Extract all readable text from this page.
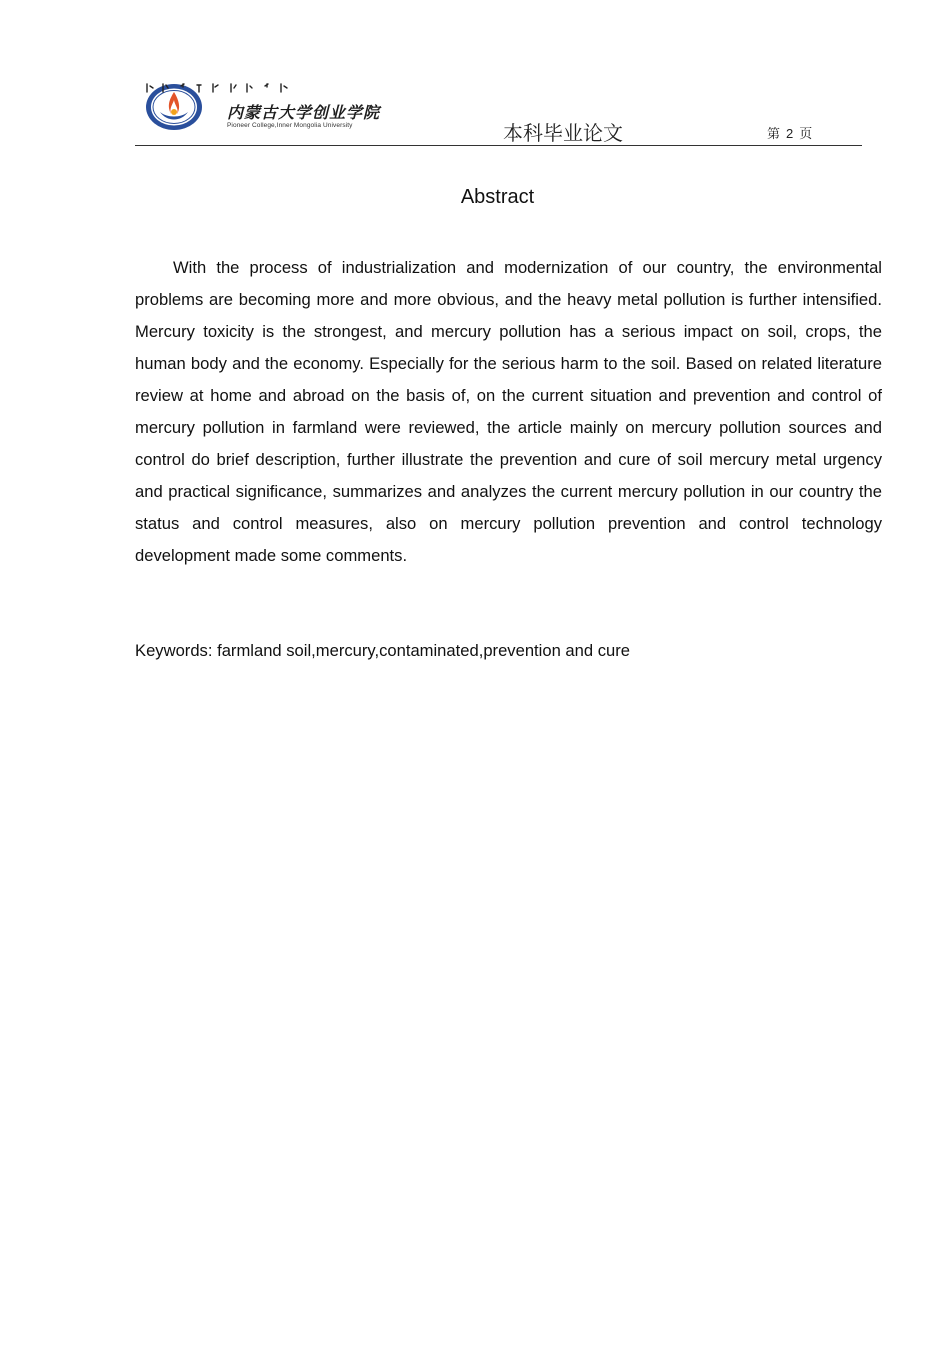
内蒙古大学创业学院
Pioneer College,Inner Mongolia University	本科毕业论文	第 2 页
Abstract

With the process of industrialization and modernization of our country, the environmental problems are becoming more and more obvious, and the heavy metal pollution is further intensified. Mercury toxicity is the strongest, and mercury pollution has a serious impact on soil, crops, the human body and the economy. Especially for the serious harm to the soil. Based on related literature review at home and abroad on the basis of, on the current situation and prevention and control of mercury pollution in farmland were reviewed, the article mainly on mercury pollution sources and control do brief description, further illustrate the prevention and cure of soil mercury metal urgency and practical significance, summarizes and analyzes the current mercury pollution in our country the status and control measures, also on mercury pollution prevention and control technology development made some comments.

Keywords: farmland soil,mercury,contaminated,prevention and cure
